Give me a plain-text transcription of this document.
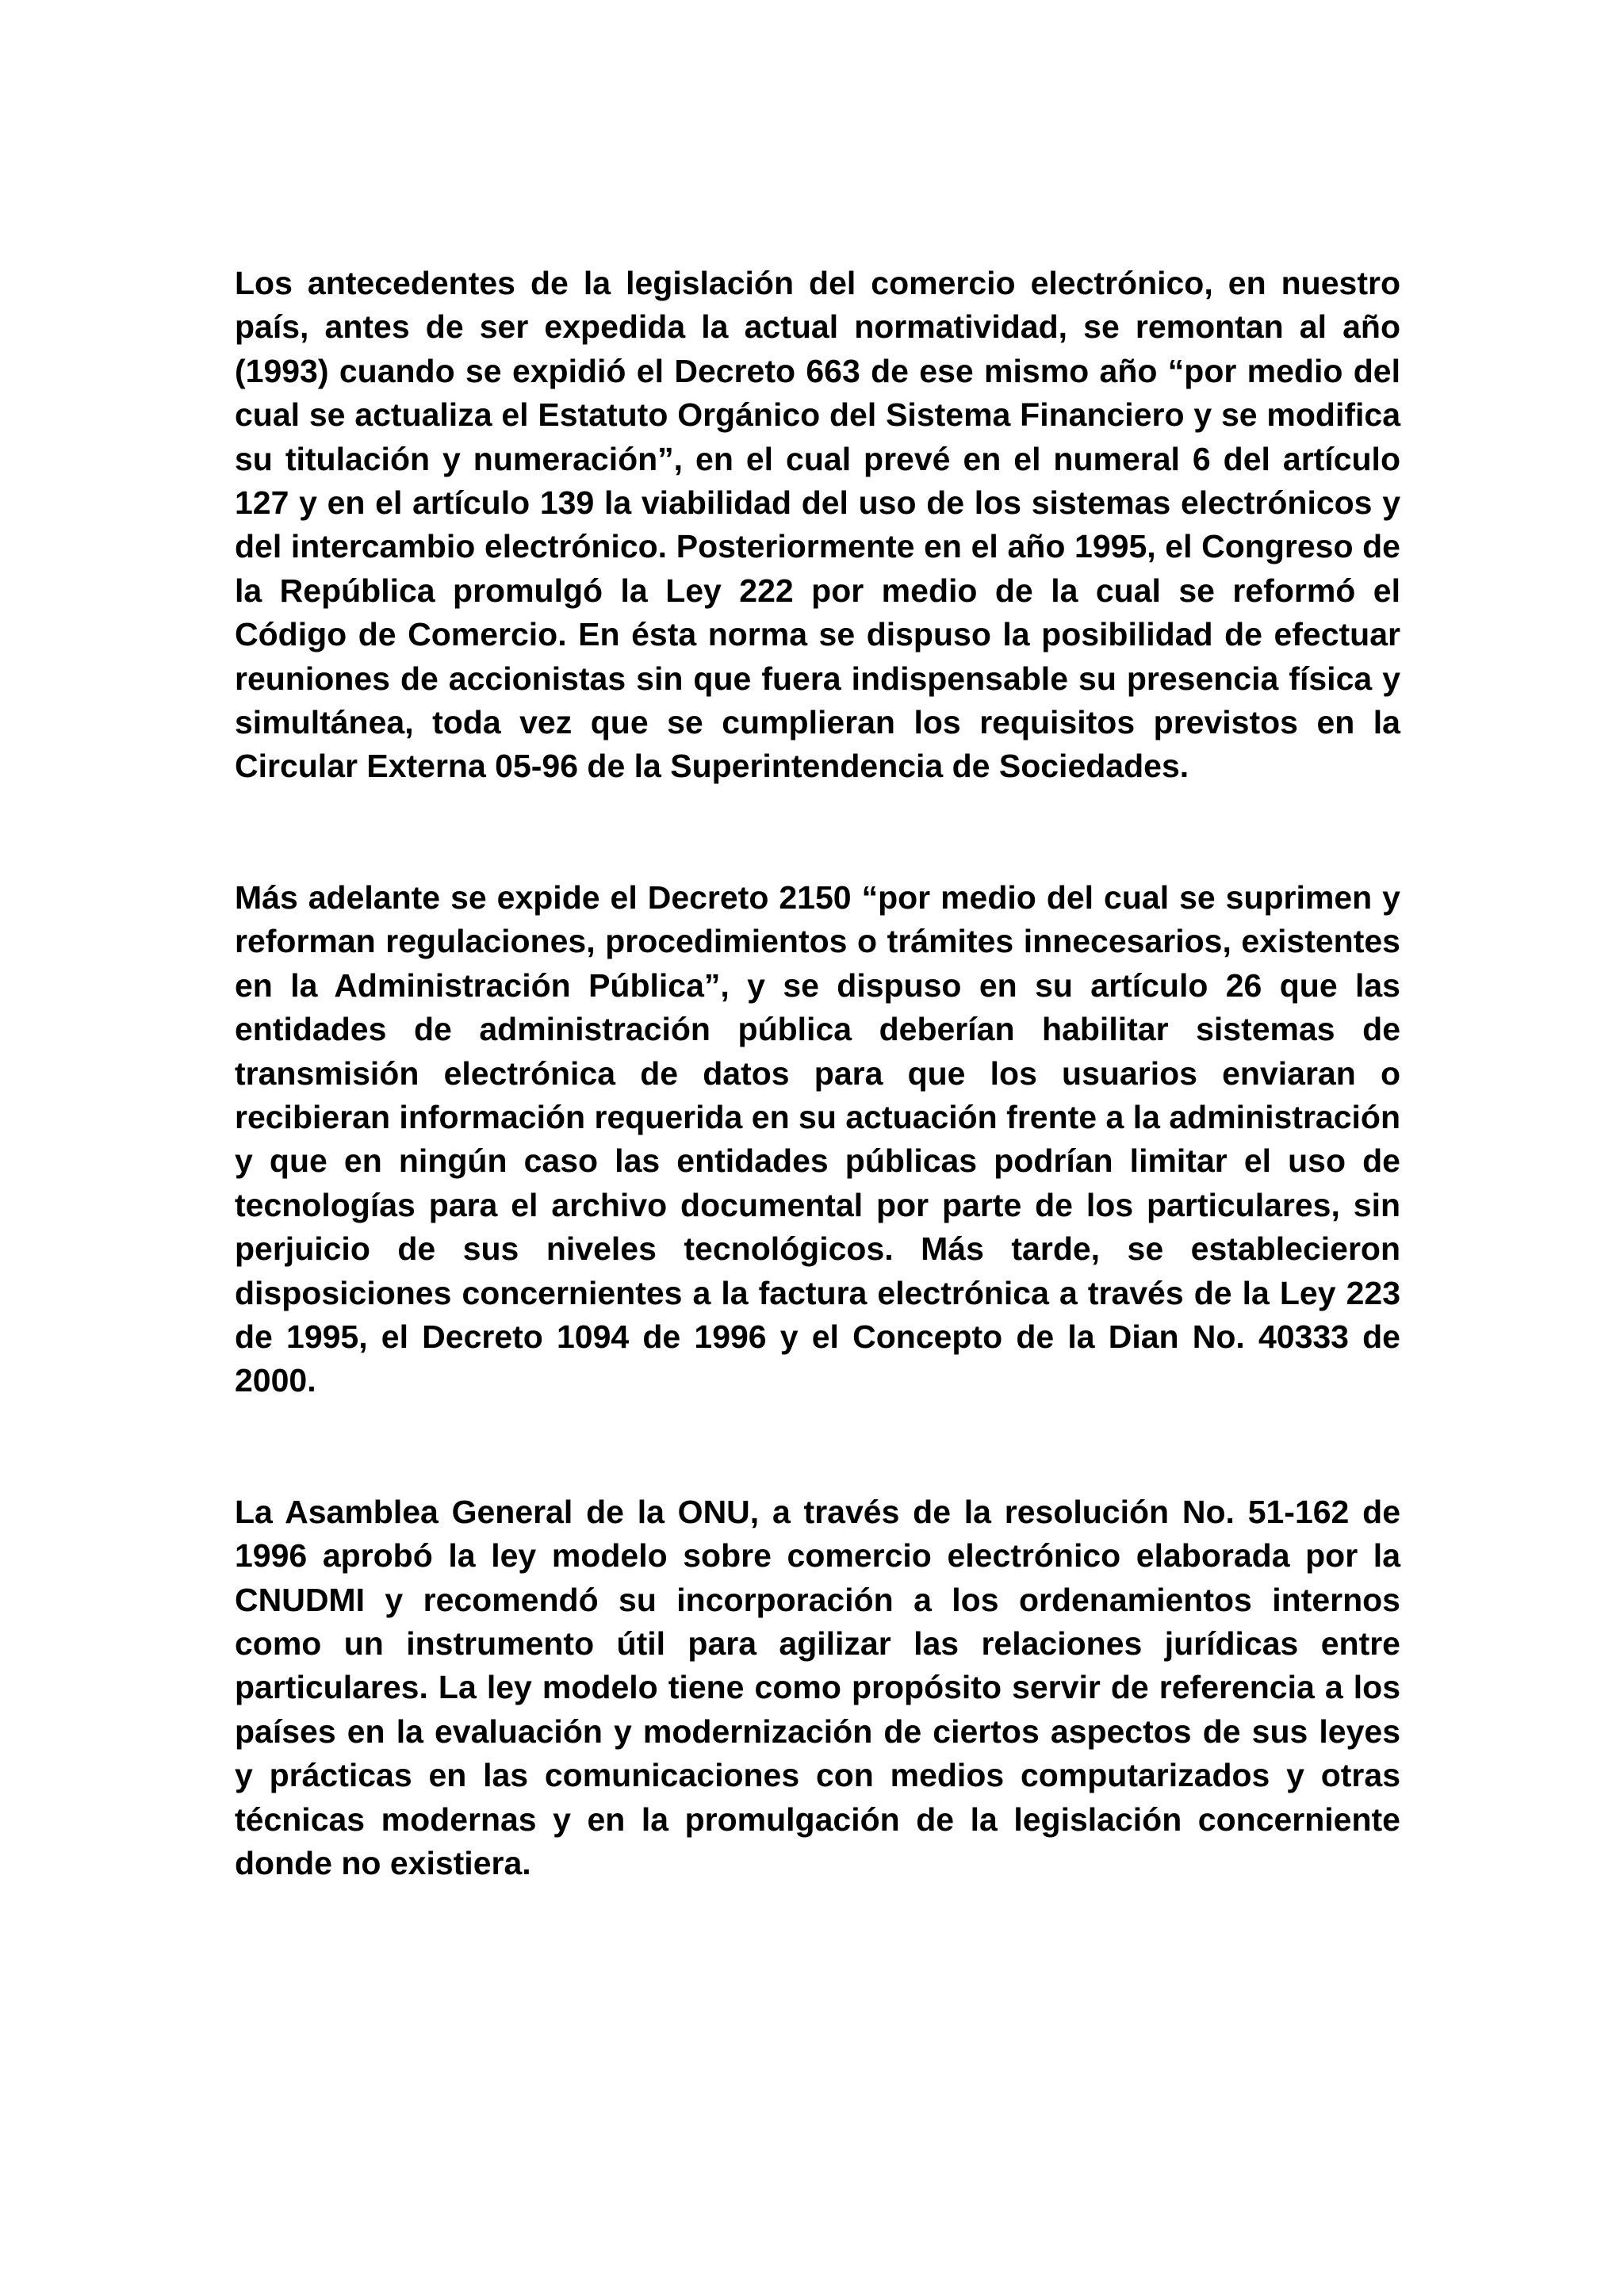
Los antecedentes de la legislación del comercio electrónico, en nuestro país, antes de ser expedida la actual normatividad, se remontan al año (1993) cuando se expidió el Decreto 663 de ese mismo año “por medio del cual se actualiza el Estatuto Orgánico del Sistema Financiero y se modifica su titulación y numeración”, en el cual prevé en el numeral 6 del artículo 127 y en el artículo 139 la viabilidad del uso de los sistemas electrónicos y del intercambio electrónico. Posteriormente en el año 1995, el Congreso de la República promulgó la Ley 222 por medio de la cual se reformó el Código de Comercio. En ésta norma se dispuso la posibilidad de efectuar reuniones de accionistas sin que fuera indispensable su presencia física y simultánea, toda vez que se cumplieran los requisitos previstos en la Circular Externa 05-96 de la Superintendencia de Sociedades.

Más adelante se expide el Decreto 2150 “por medio del cual se suprimen y reforman regulaciones, procedimientos o trámites innecesarios, existentes en la Administración Pública”, y se dispuso en su artículo 26 que las entidades de administración pública deberían habilitar sistemas de transmisión electrónica de datos para que los usuarios enviaran o recibieran información requerida en su actuación frente a la administración y que en ningún caso las entidades públicas podrían limitar el uso de tecnologías para el archivo documental por parte de los particulares, sin perjuicio de sus niveles tecnológicos. Más tarde, se establecieron disposiciones concernientes a la factura electrónica a través de la Ley 223 de 1995, el Decreto 1094 de 1996 y el Concepto de la Dian No. 40333 de 2000.

La Asamblea General de la ONU, a través de la resolución No. 51-162 de 1996 aprobó la ley modelo sobre comercio electrónico elaborada por la CNUDMI y recomendó su incorporación a los ordenamientos internos como un instrumento útil para agilizar las relaciones jurídicas entre particulares. La ley modelo tiene como propósito servir de referencia a los países en la evaluación y modernización de ciertos aspectos de sus leyes y prácticas en las comunicaciones con medios computarizados y otras técnicas modernas y en la promulgación de la legislación concerniente donde no existiera.
